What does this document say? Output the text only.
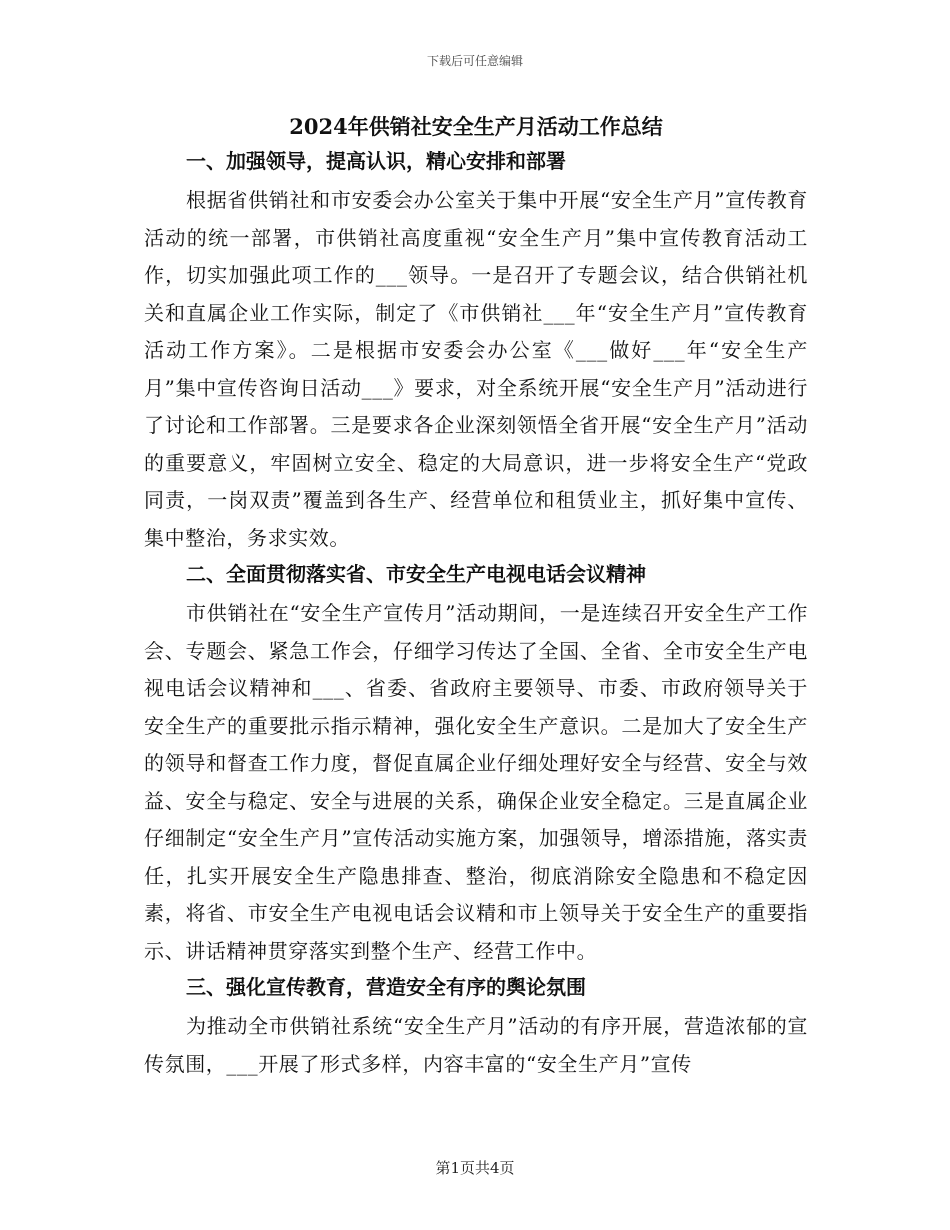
下载后可任意编辑
2024年供销社安全生产月活动工作总结
一、加强领导，提高认识，精心安排和部署

根据省供销社和市安委会办公室关于集中开展“安全生产月”宣传教育活动的统一部署，市供销社高度重视“安全生产月”集中宣传教育活动工作，切实加强此项工作的___领导。一是召开了专题会议，结合供销社机关和直属企业工作实际，制定了《市供销社___年“安全生产月”宣传教育活动工作方案》。二是根据市安委会办公室《___做好___年“安全生产月”集中宣传咨询日活动___》要求，对全系统开展“安全生产月”活动进行了讨论和工作部署。三是要求各企业深刻领悟全省开展“安全生产月”活动的重要意义，牢固树立安全、稳定的大局意识，进一步将安全生产“党政同责，一岗双责”覆盖到各生产、经营单位和租赁业主，抓好集中宣传、集中整治，务求实效。

二、全面贯彻落实省、市安全生产电视电话会议精神

市供销社在“安全生产宣传月”活动期间，一是连续召开安全生产工作会、专题会、紧急工作会，仔细学习传达了全国、全省、全市安全生产电视电话会议精神和___、省委、省政府主要领导、市委、市政府领导关于安全生产的重要批示指示精神，强化安全生产意识。二是加大了安全生产的领导和督查工作力度，督促直属企业仔细处理好安全与经营、安全与效益、安全与稳定、安全与进展的关系，确保企业安全稳定。三是直属企业仔细制定“安全生产月”宣传活动实施方案，加强领导，增添措施，落实责任，扎实开展安全生产隐患排查、整治，彻底消除安全隐患和不稳定因素，将省、市安全生产电视电话会议精和市上领导关于安全生产的重要指示、讲话精神贯穿落实到整个生产、经营工作中。

三、强化宣传教育，营造安全有序的舆论氛围

为推动全市供销社系统“安全生产月”活动的有序开展，营造浓郁的宣传氛围，___开展了形式多样，内容丰富的“安全生产月”宣传

第1页共4页
